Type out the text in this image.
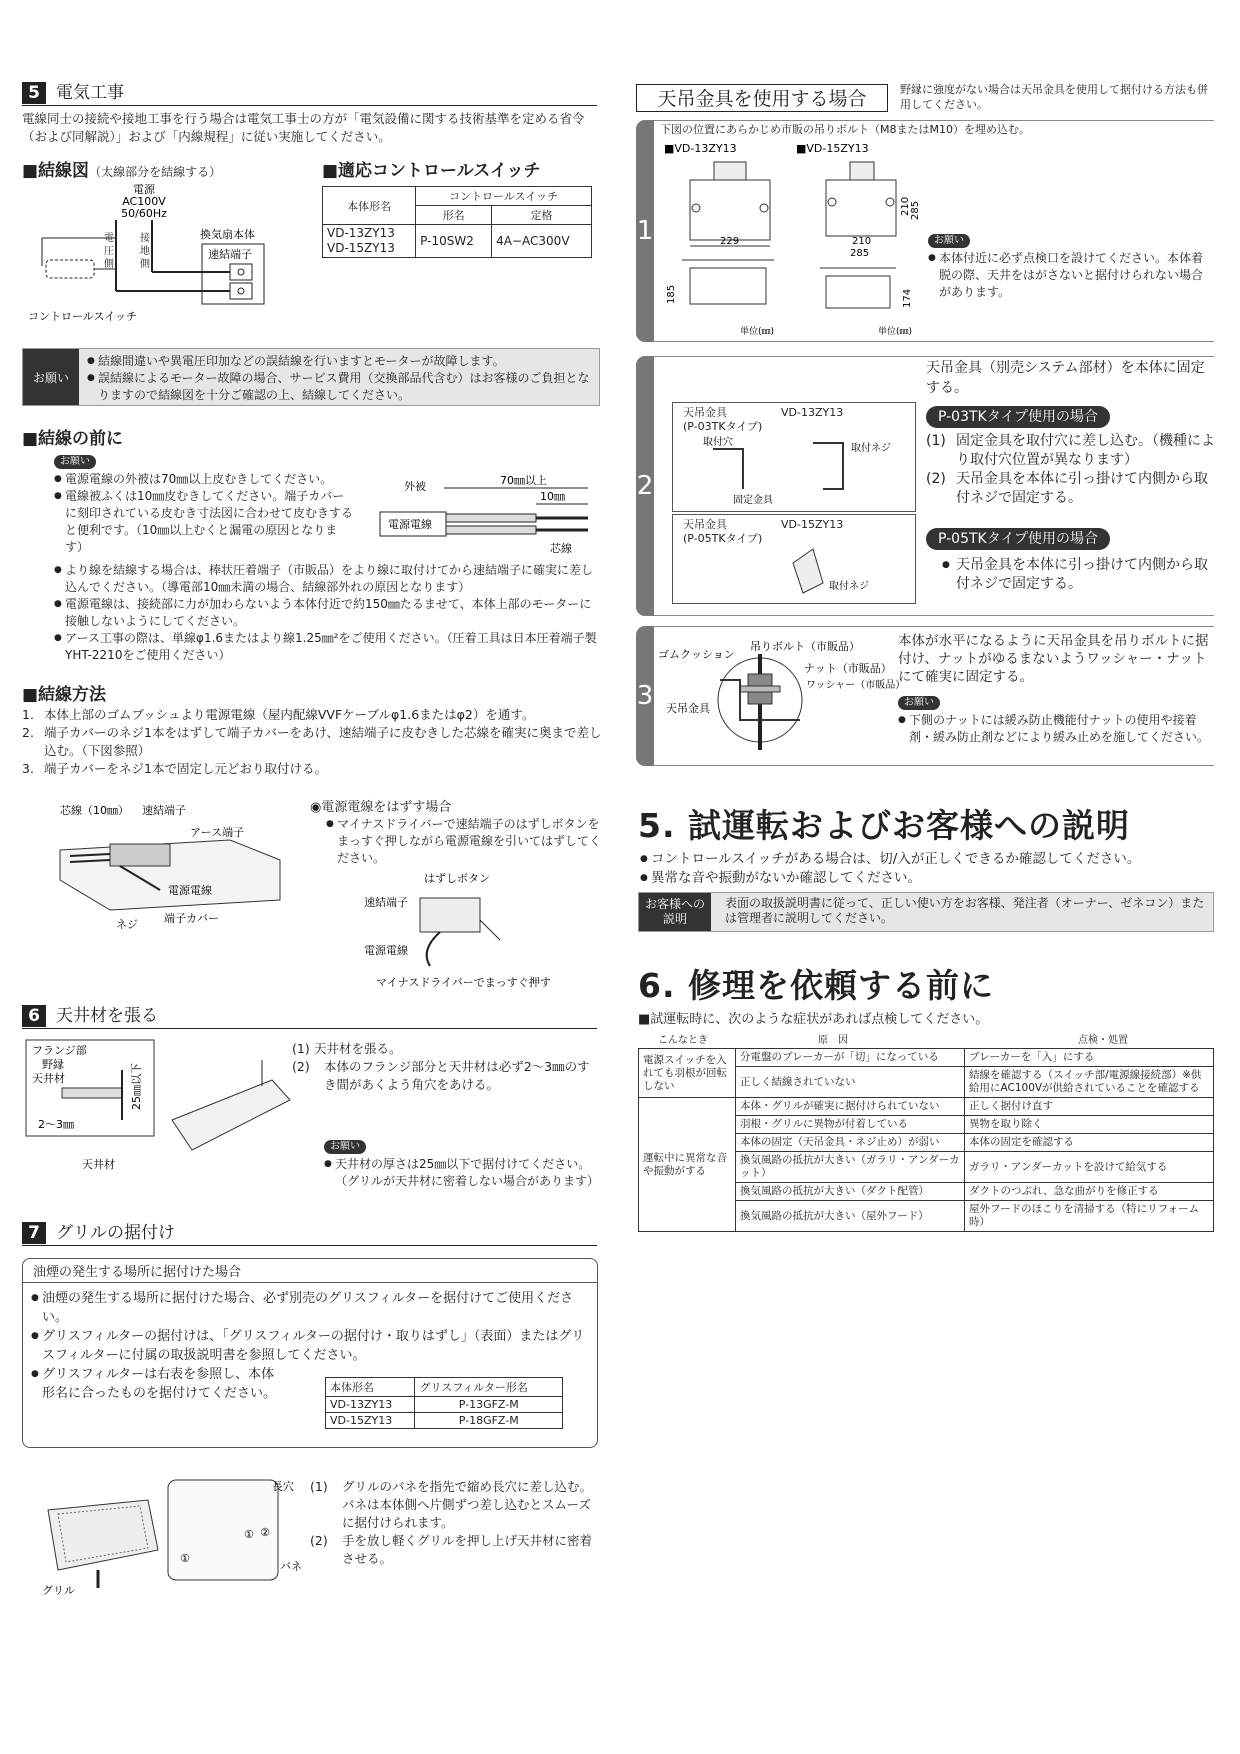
5 電気工事

電線同士の接続や接地工事を行う場合は電気工事士の方が「電気設備に関する技術基準を定める省令（および同解説）」および「内線規程」に従い実施してください。

■結線図（太線部分を結線する）
電源
AC100V
50/60Hz
換気扇本体
速結端子
コントロールスイッチ
電圧側
接地側
■適応コントロールスイッチ
本体形名	コントロールスイッチ	
	形名	定格

VD-13ZY13
VD-15ZY13	P-10SW2	4A−AC300V
お願い
● 結線間違いや異電圧印加などの誤結線を行いますとモーターが故障します。
● 誤結線によるモーター故障の場合、サービス費用（交換部品代含む）はお客様のご負担となりますので結線図を十分ご確認の上、結線してください。
■結線の前に
お願い
● 電源電線の外被は70㎜以上皮むきしてください。
● 電線被ふくは10㎜皮むきしてください。端子カバーに刻印されている皮むき寸法図に合わせて皮むきすると便利です。（10㎜以上むくと漏電の原因となります）
● より線を結線する場合は、棒状圧着端子（市販品）をより線に取付けてから速結端子に確実に差し込んでください。（導電部10㎜未満の場合、結線部外れの原因となります）
● 電源電線は、接続部に力が加わらないよう本体付近で約150㎜たるませて、本体上部のモーターに接触しないようにしてください。
● アース工事の際は、単線φ1.6またはより線1.25㎜²をご使用ください。（圧着工具は日本圧着端子製YHT-2210をご使用ください）
外被	70㎜以上
10㎜
電源電線
芯線
■結線方法
1. 本体上部のゴムブッシュより電源電線（屋内配線VVFケーブルφ1.6またはφ2）を通す。
2. 端子カバーのネジ1本をはずして端子カバーをあけ、速結端子に皮むきした芯線を確実に奥まで差し込む。（下図参照）
3. 端子カバーをネジ1本で固定し元どおり取付ける。
芯線（10㎜） 速結端子
アース端子
電源電線
ネジ 端子カバー
◉電源電線をはずす場合
● マイナスドライバーで速結端子のはずしボタンをまっすぐ押しながら電源電線を引いてはずしてください。
はずしボタン
速結端子
電源電線
マイナスドライバーでまっすぐ押す
6 天井材を張る
フランジ部
野縁
天井材
2〜3㎜
25㎜以下
天井材
(1) 天井材を張る。
(2) 本体のフランジ部分と天井材は必ず2〜3㎜のすき間があくよう角穴をあける。
お願い
● 天井材の厚さは25㎜以下で据付けてください。（グリルが天井材に密着しない場合があります）
7 グリルの据付け
油煙の発生する場所に据付けた場合
● 油煙の発生する場所に据付けた場合、必ず別売のグリスフィルターを据付けてご使用ください。
● グリスフィルターの据付けは、「グリスフィルターの据付け・取りはずし」（表面）またはグリスフィルターに付属の取扱説明書を参照してください。
● グリスフィルターは右表を参照し、本体形名に合ったものを据付けてください。	本体形名	グリスフィルター形名
VD-13ZY13	P-13GFZ-M
VD-15ZY13	P-18GFZ-M
グリル
長穴
① ②
①
バネ
(1) グリルのバネを指先で縮め長穴に差し込む。バネは本体側へ片側ずつ差し込むとスムーズに据付けられます。
(2) 手を放し軽くグリルを押し上げ天井材に密着させる。
天吊金具を使用する場合	野縁に強度がない場合は天吊金具を使用して据付ける方法も併用してください。

1

下図の位置にあらかじめ市販の吊りボルト（M8またはM10）を埋め込む。

■VD-13ZY13	■VD-15ZY13
229
185
単位(㎜)
210
285
210 285
174
単位(㎜)
お願い
● 本体付近に必ず点検口を設けてください。本体着脱の際、天井をはがさないと据付けられない場合があります。
2
天吊金具
(P-03TKタイプ)
VD-13ZY13
取付穴
取付ネジ
固定金具
天吊金具
(P-05TKタイプ)
VD-15ZY13
取付ネジ

天吊金具（別売システム部材）を本体に固定する。

P-03TKタイプ使用の場合
(1) 固定金具を取付穴に差し込む。（機種により取付穴位置が異なります）
(2) 天吊金具を本体に引っ掛けて内側から取付ネジで固定する。
P-05TKタイプ使用の場合
● 天吊金具を本体に引っ掛けて内側から取付ネジで固定する。
3
ゴムクッション
吊りボルト（市販品）
ナット（市販品）
ワッシャー（市販品）
天吊金具

本体が水平になるように天吊金具を吊りボルトに据付け、ナットがゆるまないようワッシャー・ナットにて確実に固定する。

お願い
● 下側のナットには緩み防止機能付ナットの使用や接着剤・緩み防止剤などにより緩み止めを施してください。
5. 試運転およびお客様への説明
● コントロールスイッチがある場合は、切/入が正しくできるか確認してください。
● 異常な音や振動がないか確認してください。
お客様への説明

表面の取扱説明書に従って、正しい使い方をお客様、発注者（オーナー、ゼネコン）または管理者に説明してください。

6. 修理を依頼する前に

■試運転時に、次のような症状があれば点検してください。

こんなとき	原　因	点検・処置
電源スイッチを入れても羽根が回転しない	分電盤のブレーカーが「切」になっている	ブレーカーを「入」にする
	正しく結線されていない	結線を確認する（スイッチ部/電源線接続部）※供給用にAC100Vが供給されていることを確認する
運転中に異常な音や振動がする	本体・グリルが確実に据付けられていない	正しく据付け直す
	羽根・グリルに異物が付着している	異物を取り除く
	本体の固定（天吊金具・ネジ止め）が弱い	本体の固定を確認する
	換気風路の抵抗が大きい（ガラリ・アンダーカット）	ガラリ・アンダーカットを設けて給気する
	換気風路の抵抗が大きい（ダクト配管）	ダクトのつぶれ、急な曲がりを修正する
	換気風路の抵抗が大きい（屋外フード）	屋外フードのほこりを清掃する（特にリフォーム時）
